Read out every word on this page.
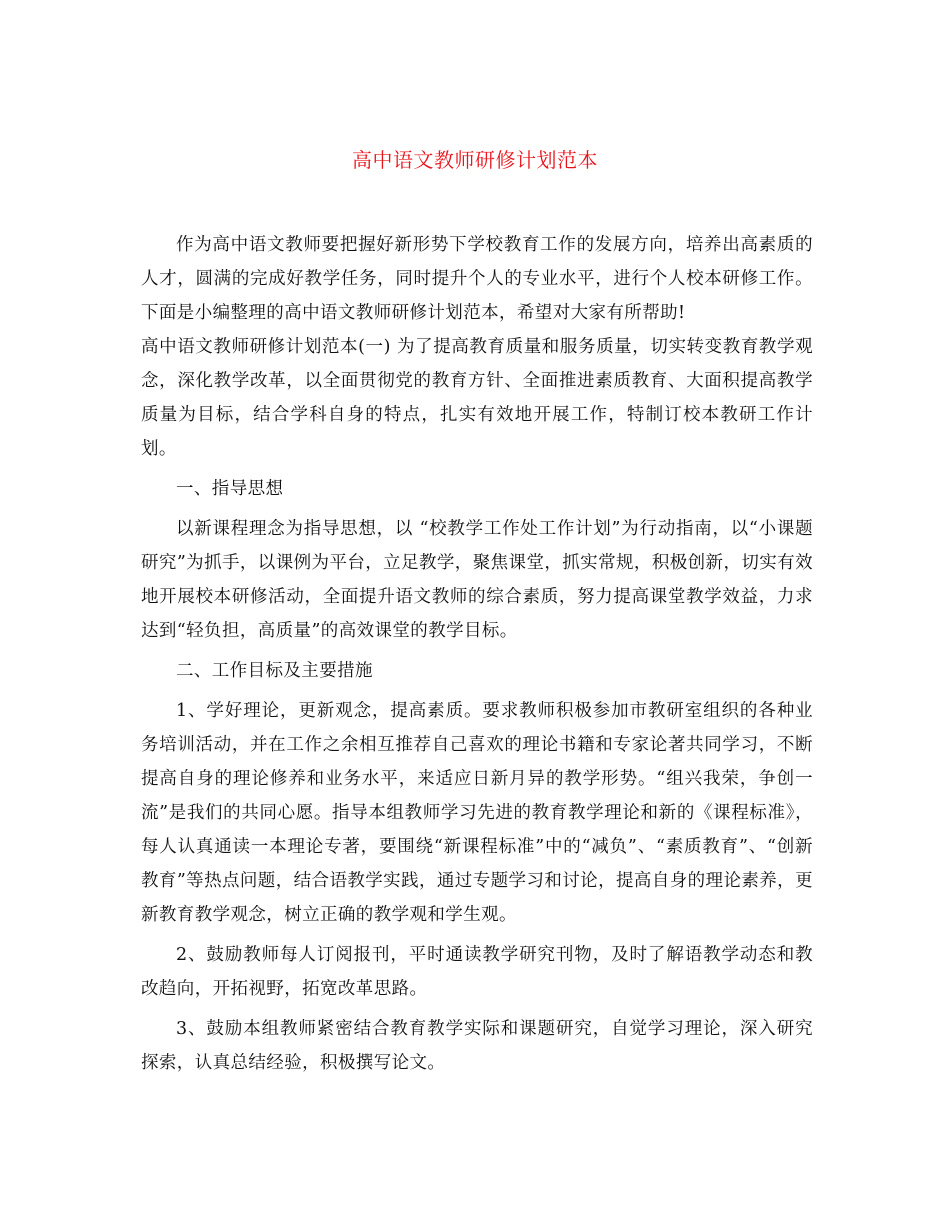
高中语文教师研修计划范本

作为高中语文教师要把握好新形势下学校教育工作的发展方向，培养出高素质的人才，圆满的完成好教学任务，同时提升个人的专业水平，进行个人校本研修工作。下面是小编整理的高中语文教师研修计划范本，希望对大家有所帮助!

高中语文教师研修计划范本(一) 为了提高教育质量和服务质量，切实转变教育教学观念，深化教学改革，以全面贯彻党的教育方针、全面推进素质教育、大面积提高教学质量为目标，结合学科自身的特点，扎实有效地开展工作，特制订校本教研工作计划。

一、指导思想

以新课程理念为指导思想，以 “校教学工作处工作计划”为行动指南，以“小课题研究”为抓手，以课例为平台，立足教学，聚焦课堂，抓实常规，积极创新，切实有效地开展校本研修活动，全面提升语文教师的综合素质，努力提高课堂教学效益，力求达到“轻负担，高质量”的高效课堂的教学目标。

二、工作目标及主要措施

1、学好理论，更新观念，提高素质。要求教师积极参加市教研室组织的各种业务培训活动，并在工作之余相互推荐自己喜欢的理论书籍和专家论著共同学习，不断提高自身的理论修养和业务水平，来适应日新月异的教学形势。“组兴我荣，争创一流”是我们的共同心愿。指导本组教师学习先进的教育教学理论和新的《课程标准》，每人认真通读一本理论专著，要围绕“新课程标准”中的“减负”、“素质教育”、“创新教育”等热点问题，结合语教学实践，通过专题学习和讨论，提高自身的理论素养，更新教育教学观念，树立正确的教学观和学生观。

2、鼓励教师每人订阅报刊，平时通读教学研究刊物，及时了解语教学动态和教改趋向，开拓视野，拓宽改革思路。

3、鼓励本组教师紧密结合教育教学实际和课题研究，自觉学习理论，深入研究探索，认真总结经验，积极撰写论文。
